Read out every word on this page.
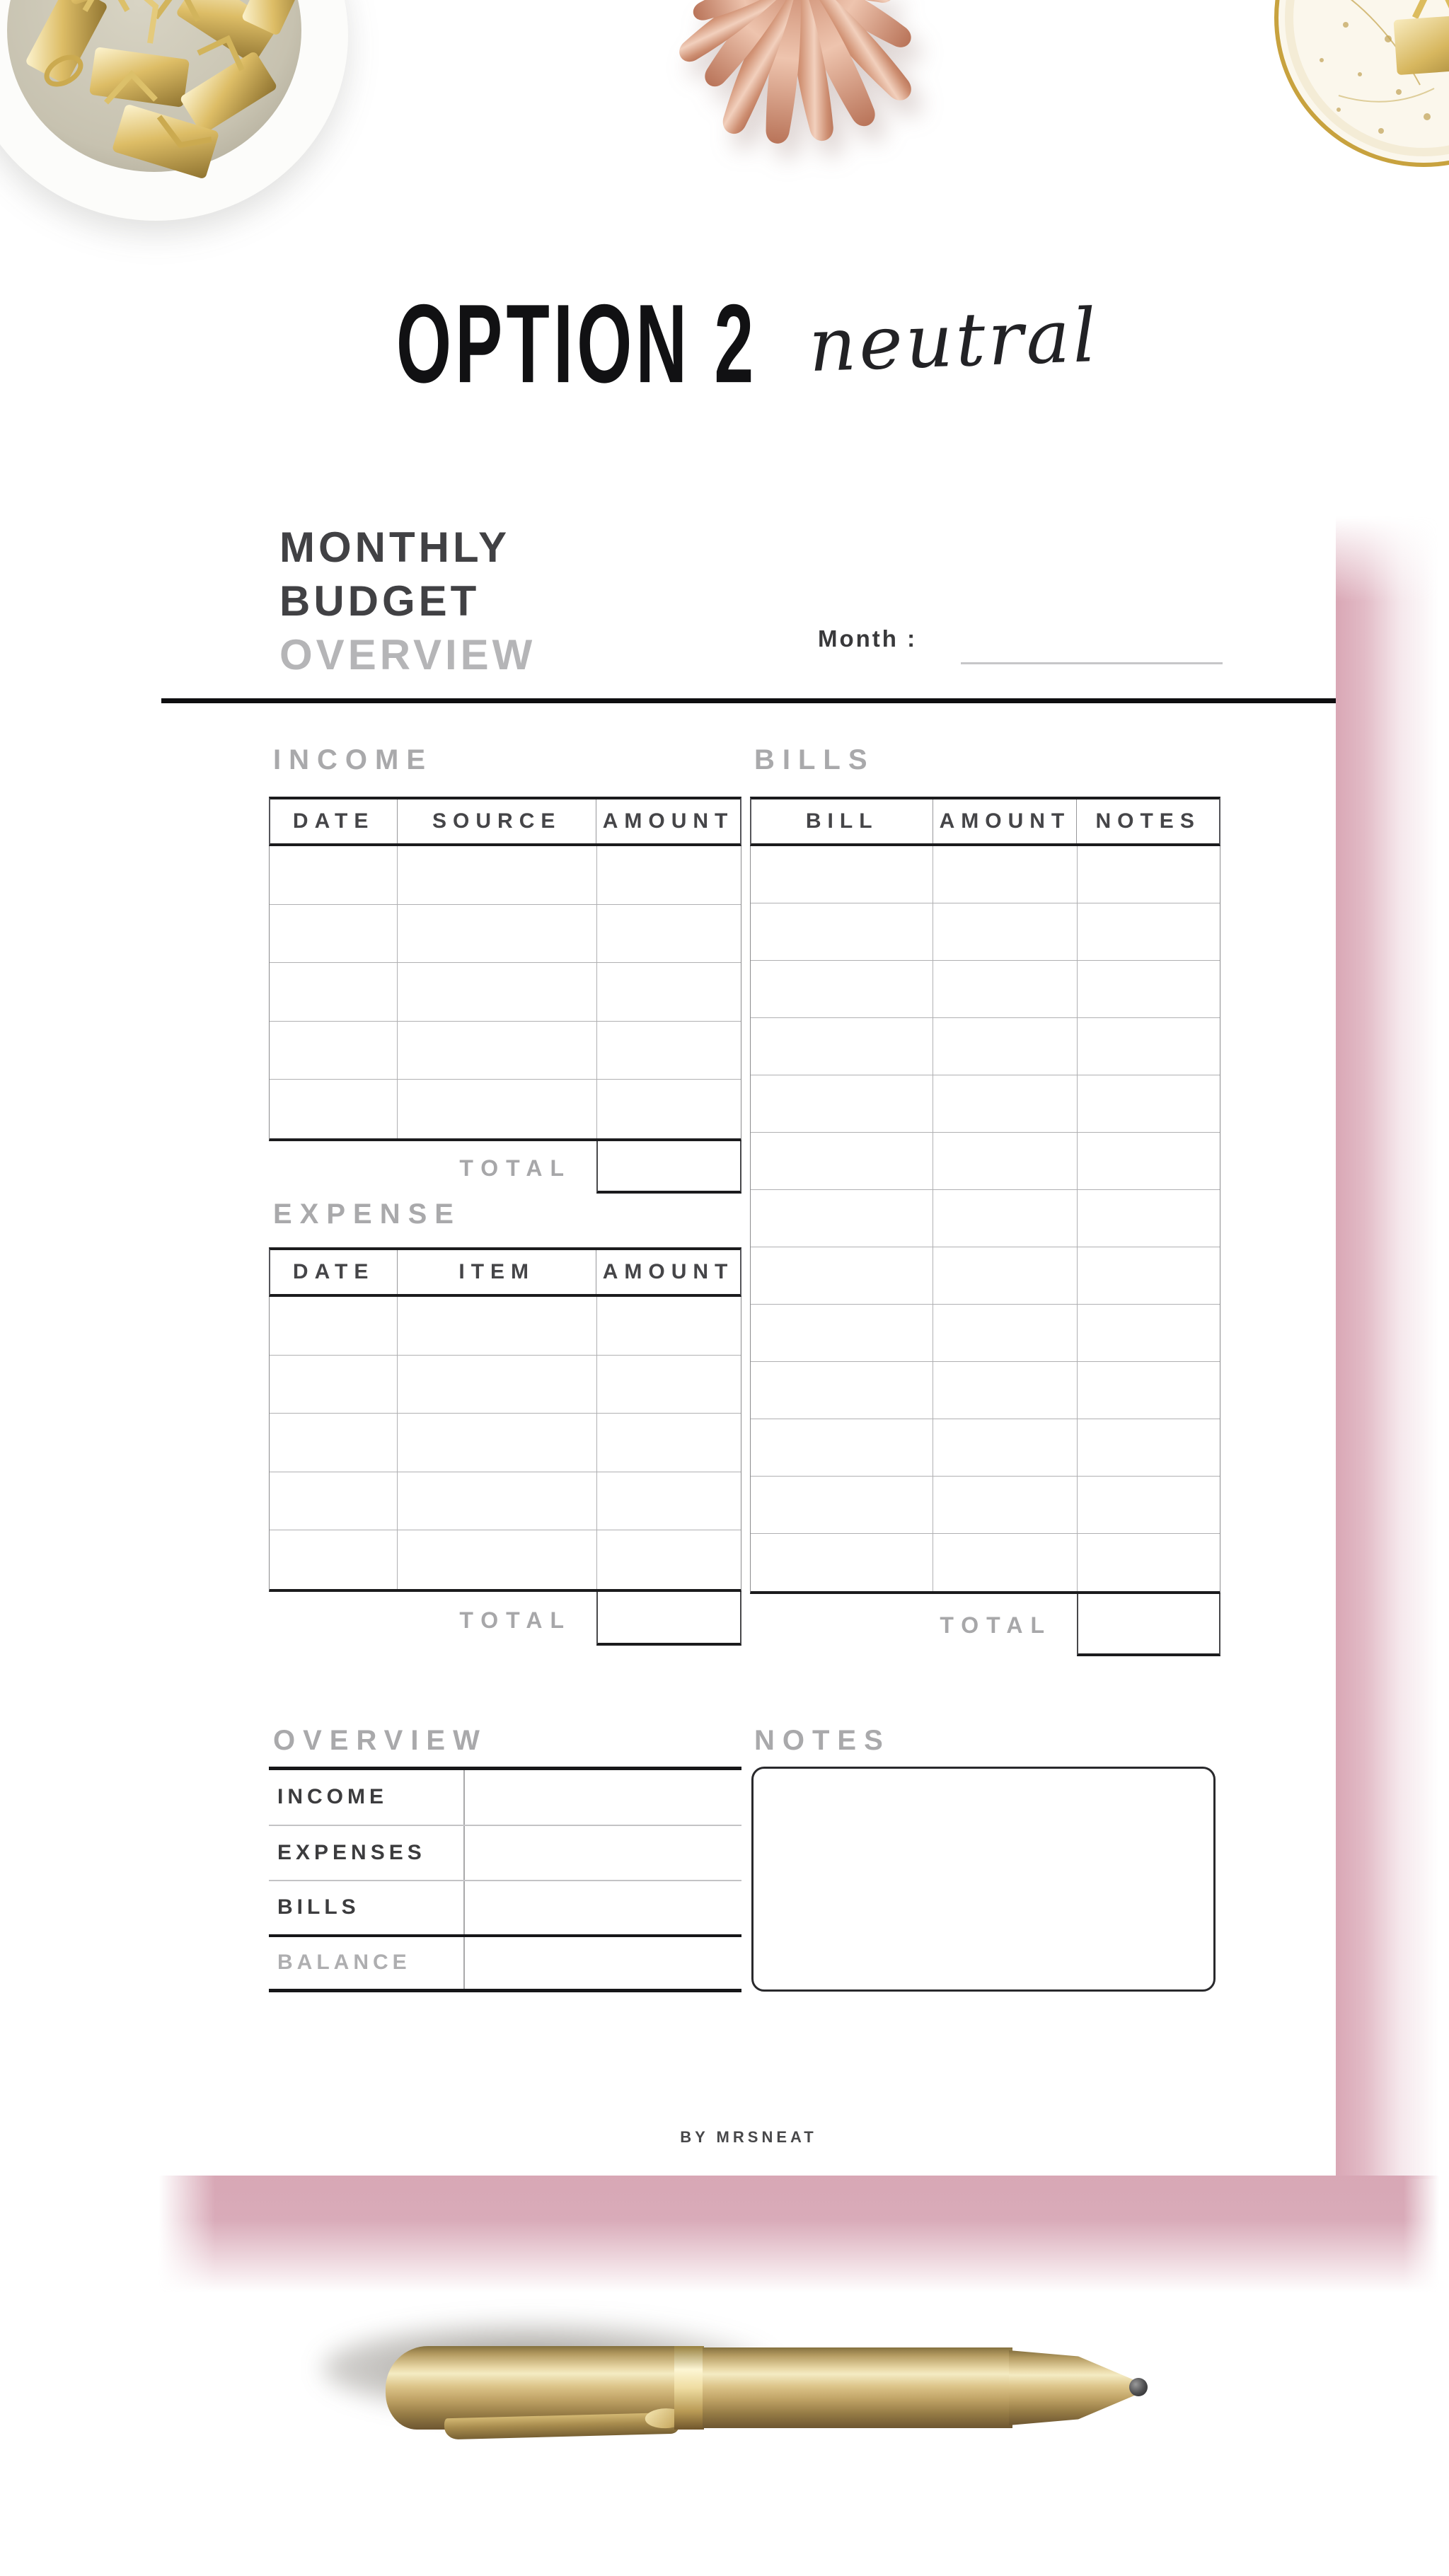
OPTION 2 neutral
MONTHLY
BUDGET
OVERVIEW	Month :
INCOME
DATE	SOURCE	AMOUNT
TOTAL
EXPENSE
DATE	ITEM	AMOUNT
TOTAL
BILLS
BILL	AMOUNT	NOTES
TOTAL
OVERVIEW
INCOME
EXPENSES
BILLS
BALANCE
NOTES
BY MRSNEAT
